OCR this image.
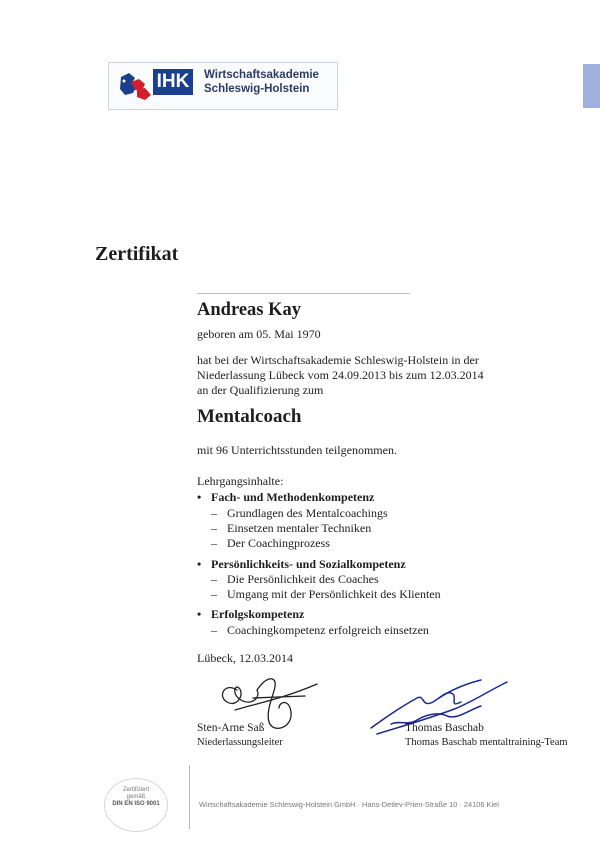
IHK	Wirtschaftsakademie
Schleswig-Holstein
Zertifikat
Andreas Kay
geboren am 05. Mai 1970
hat bei der Wirtschaftsakademie Schleswig-Holstein in der
Niederlassung Lübeck vom 24.09.2013 bis zum 12.03.2014
an der Qualifizierung zum
Mentalcoach
mit 96 Unterrichtsstunden teilgenommen.
Lehrgangsinhalte:
• Fach- und Methodenkompetenz
– Grundlagen des Mentalcoachings
– Einsetzen mentaler Techniken
– Der Coachingprozess
• Persönlichkeits- und Sozialkompetenz
– Die Persönlichkeit des Coaches
– Umgang mit der Persönlichkeit des Klienten
• Erfolgskompetenz
– Coachingkompetenz erfolgreich einsetzen
Lübeck, 12.03.2014
Sten-Arne Saß
Niederlassungsleiter
Thomas Baschab
Thomas Baschab mentaltraining-Team
Zertifiziert
gemäß
DIN EN ISO 9001	Wirtschaftsakademie Schleswig-Holstein GmbH · Hans-Detlev-Prien-Straße 10 · 24106 Kiel
